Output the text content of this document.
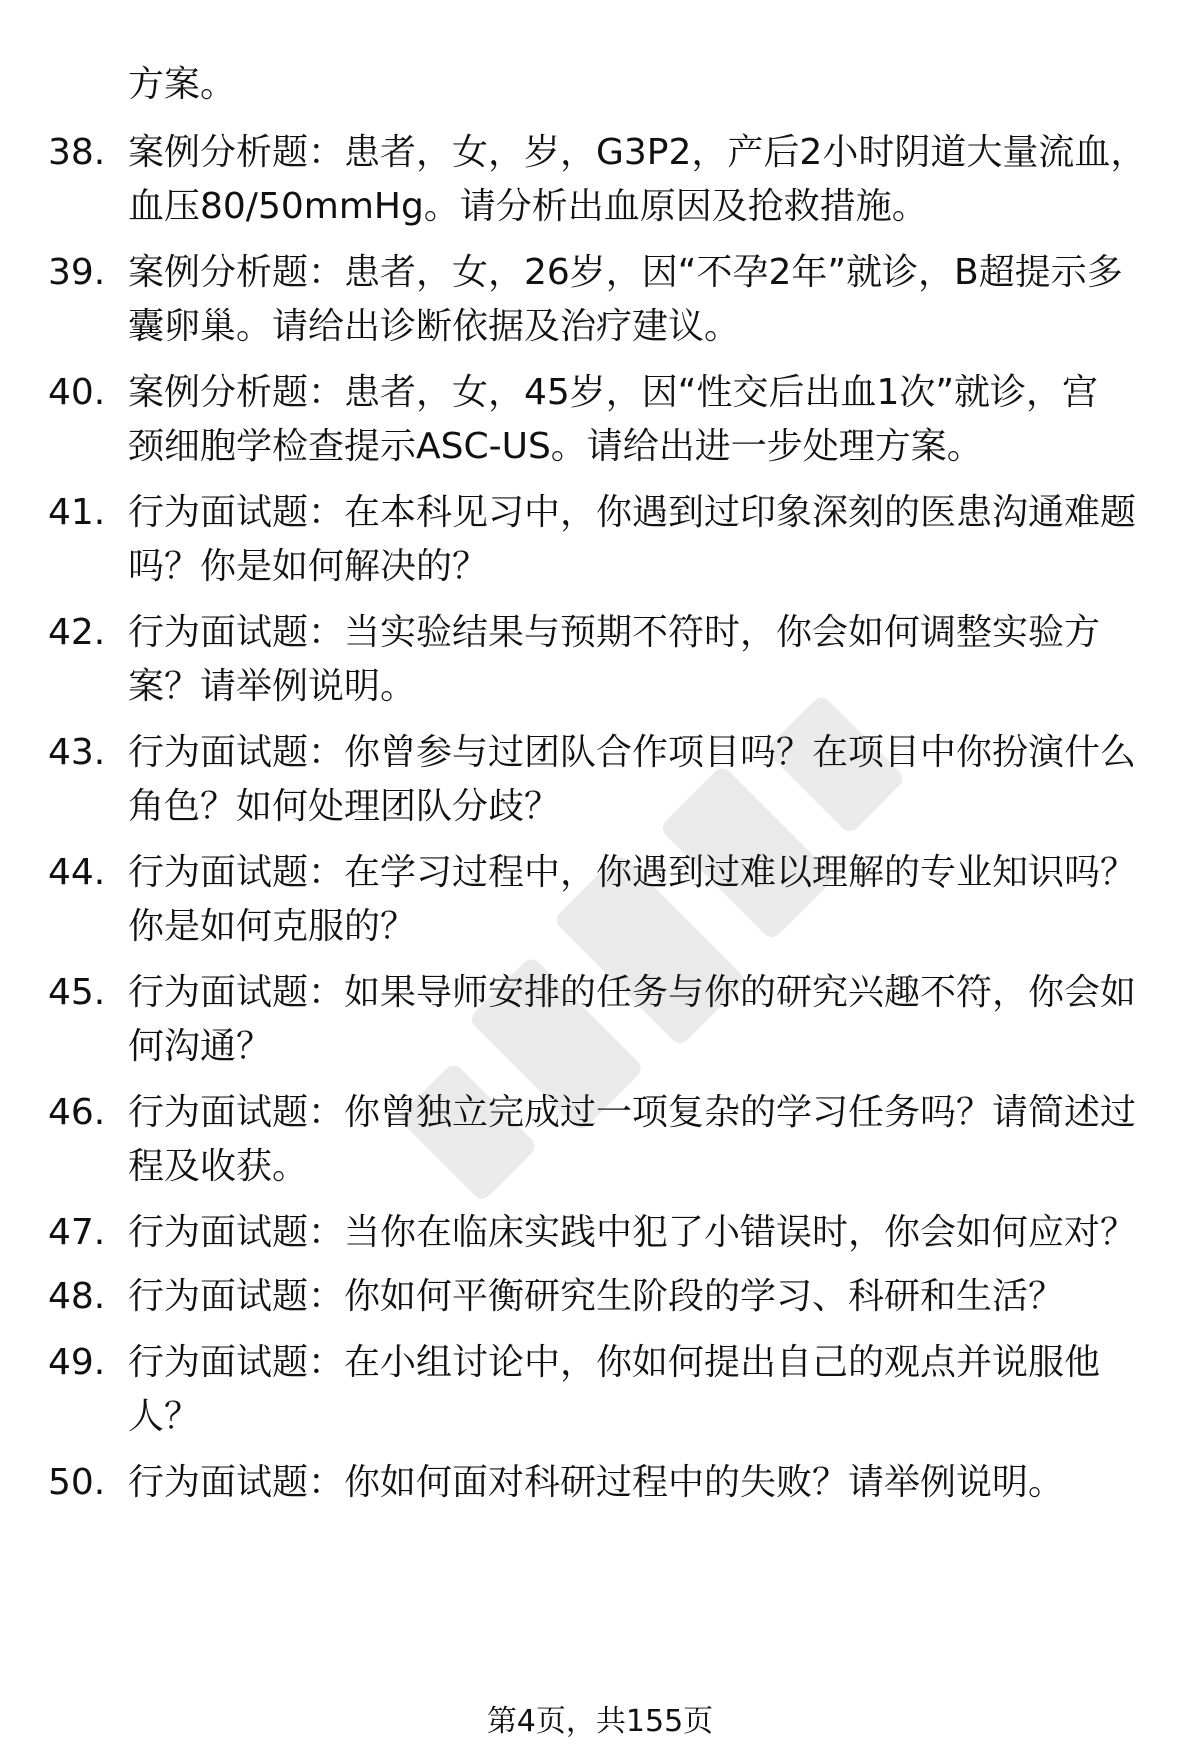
方案。
38. 案例分析题：患者，女，岁，G3P2，产后2小时阴道大量流血，
血压80/50mmHg。请分析出血原因及抢救措施。
39. 案例分析题：患者，女，26岁，因“不孕2年”就诊，B超提示多
囊卵巢。请给出诊断依据及治疗建议。
40. 案例分析题：患者，女，45岁，因“性交后出血1次”就诊，宫
颈细胞学检查提示ASC-US。请给出进一步处理方案。
41. 行为面试题：在本科见习中，你遇到过印象深刻的医患沟通难题
吗？你是如何解决的？
42. 行为面试题：当实验结果与预期不符时，你会如何调整实验方
案？请举例说明。
43. 行为面试题：你曾参与过团队合作项目吗？在项目中你扮演什么
角色？如何处理团队分歧？
44. 行为面试题：在学习过程中，你遇到过难以理解的专业知识吗？
你是如何克服的？
45. 行为面试题：如果导师安排的任务与你的研究兴趣不符，你会如
何沟通？
46. 行为面试题：你曾独立完成过一项复杂的学习任务吗？请简述过
程及收获。
47. 行为面试题：当你在临床实践中犯了小错误时，你会如何应对？
48. 行为面试题：你如何平衡研究生阶段的学习、科研和生活？
49. 行为面试题：在小组讨论中，你如何提出自己的观点并说服他
人？
50. 行为面试题：你如何面对科研过程中的失败？请举例说明。
第4页，共155页
